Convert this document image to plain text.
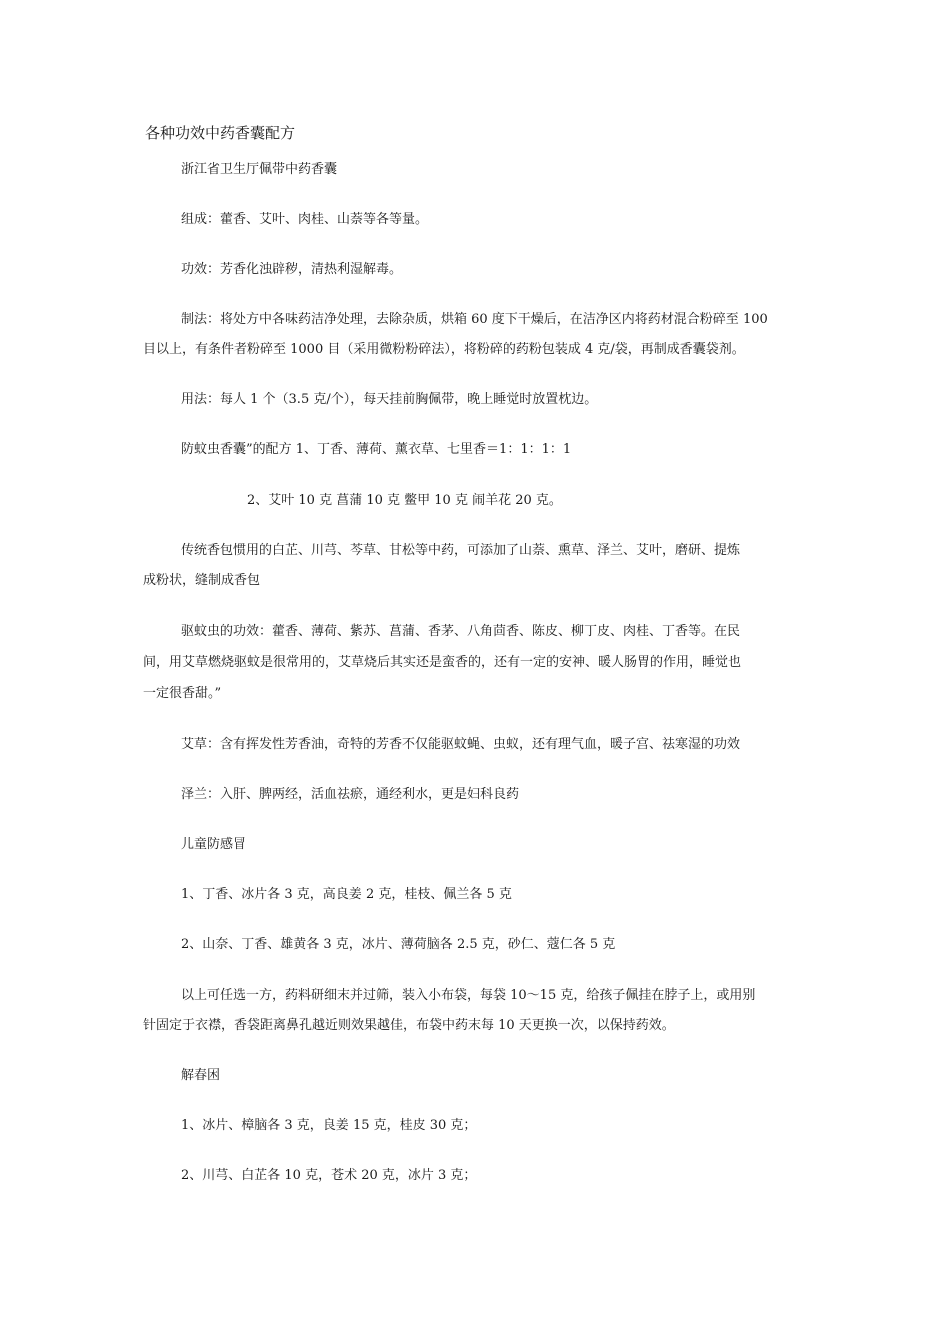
各种功效中药香囊配方
浙江省卫生厅佩带中药香囊
组成：藿香、艾叶、肉桂、山萘等各等量。
功效：芳香化浊辟秽，清热利湿解毒。
制法：将处方中各味药洁净处理，去除杂质，烘箱 60 度下干燥后，在洁净区内将药材混合粉碎至 100
目以上，有条件者粉碎至 1000 目（采用微粉粉碎法），将粉碎的药粉包装成 4 克/袋，再制成香囊袋剂。
用法：每人 1 个（3.5 克/个），每天挂前胸佩带，晚上睡觉时放置枕边。
防蚊虫香囊”的配方 1、丁香、薄荷、薰衣草、七里香＝1：1：1：1
2、艾叶 10 克 菖蒲 10 克 鳖甲 10 克 闹羊花 20 克。
传统香包惯用的白芷、川芎、芩草、甘松等中药，可添加了山萘、熏草、泽兰、艾叶，磨研、提炼
成粉状，缝制成香包
驱蚊虫的功效：藿香、薄荷、紫苏、菖蒲、香茅、八角茴香、陈皮、柳丁皮、肉桂、丁香等。在民
间，用艾草燃烧驱蚊是很常用的，艾草烧后其实还是蛮香的，还有一定的安神、暖人肠胃的作用，睡觉也
一定很香甜。”
艾草：含有挥发性芳香油，奇特的芳香不仅能驱蚊蝇、虫蚁，还有理气血，暖子宫、祛寒湿的功效
泽兰：入肝、脾两经，活血祛瘀，通经利水，更是妇科良药
儿童防感冒
1、丁香、冰片各 3 克，高良姜 2 克，桂枝、佩兰各 5 克
2、山奈、丁香、雄黄各 3 克，冰片、薄荷脑各 2.5 克，砂仁、蔻仁各 5 克
以上可任选一方，药料研细末并过筛，装入小布袋，每袋 10～15 克，给孩子佩挂在脖子上，或用别
针固定于衣襟，香袋距离鼻孔越近则效果越佳，布袋中药末每 10 天更换一次，以保持药效。
解春困
1、冰片、樟脑各 3 克，良姜 15 克，桂皮 30 克；
2、川芎、白芷各 10 克，苍术 20 克，冰片 3 克；
